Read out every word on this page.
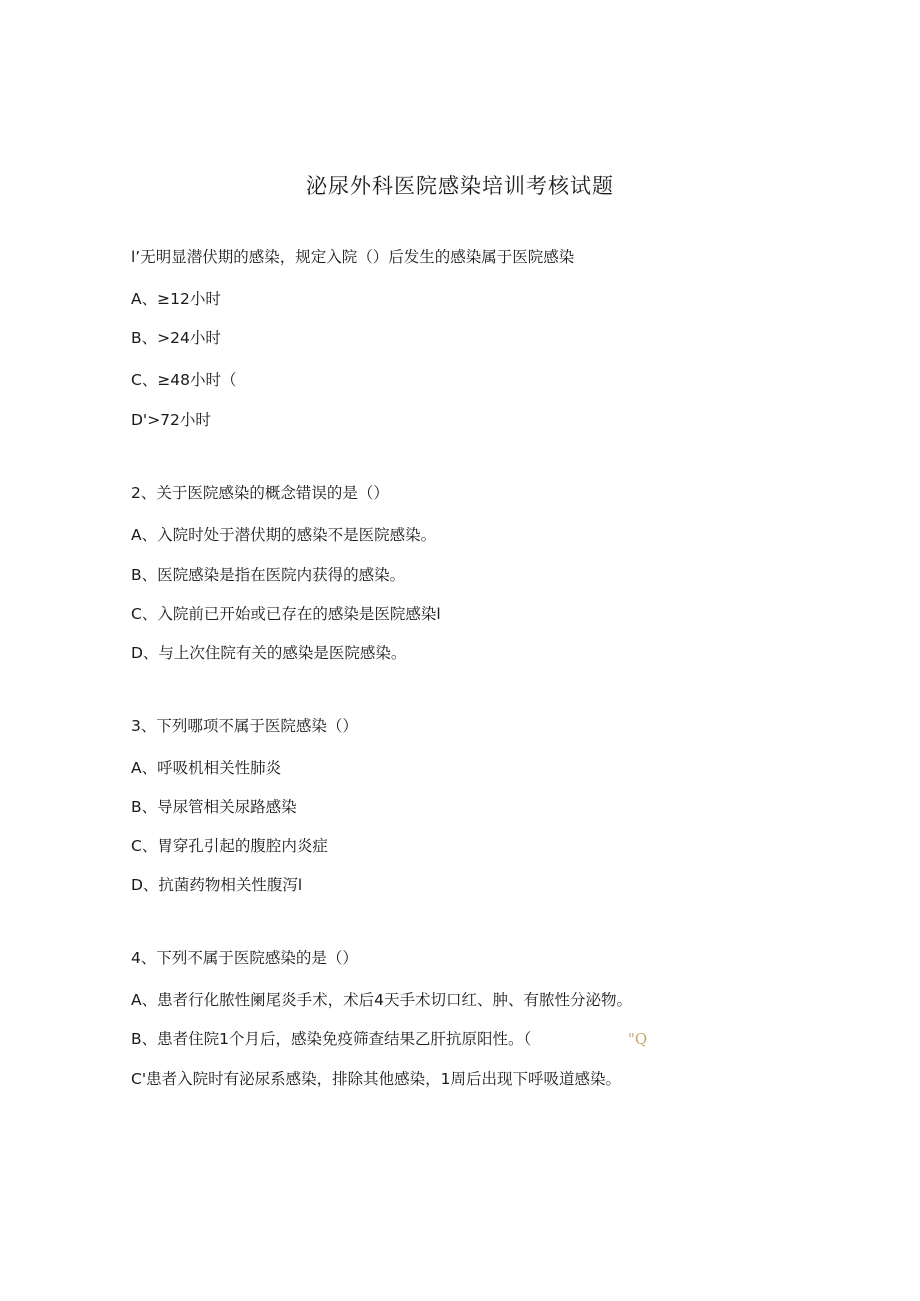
泌尿外科医院感染培训考核试题
l’无明显潜伏期的感染，规定入院（）后发生的感染属于医院感染
A、≥12小时
B、>24小时
C、≥48小时（
D'>72小时
2、关于医院感染的概念错误的是（）
A、入院时处于潜伏期的感染不是医院感染。
B、医院感染是指在医院内获得的感染。
C、入院前已开始或已存在的感染是医院感染l
D、与上次住院有关的感染是医院感染。
3、下列哪项不属于医院感染（）
A、呼吸机相关性肺炎
B、导尿管相关尿路感染
C、胃穿孔引起的腹腔内炎症
D、抗菌药物相关性腹泻l
4、下列不属于医院感染的是（）
A、患者行化脓性阑尾炎手术，术后4天手术切口红、肿、有脓性分泌物。
B、患者住院1个月后，感染免疫筛查结果乙肝抗原阳性。（	"Q
C'患者入院时有泌尿系感染，排除其他感染，1周后出现下呼吸道感染。
